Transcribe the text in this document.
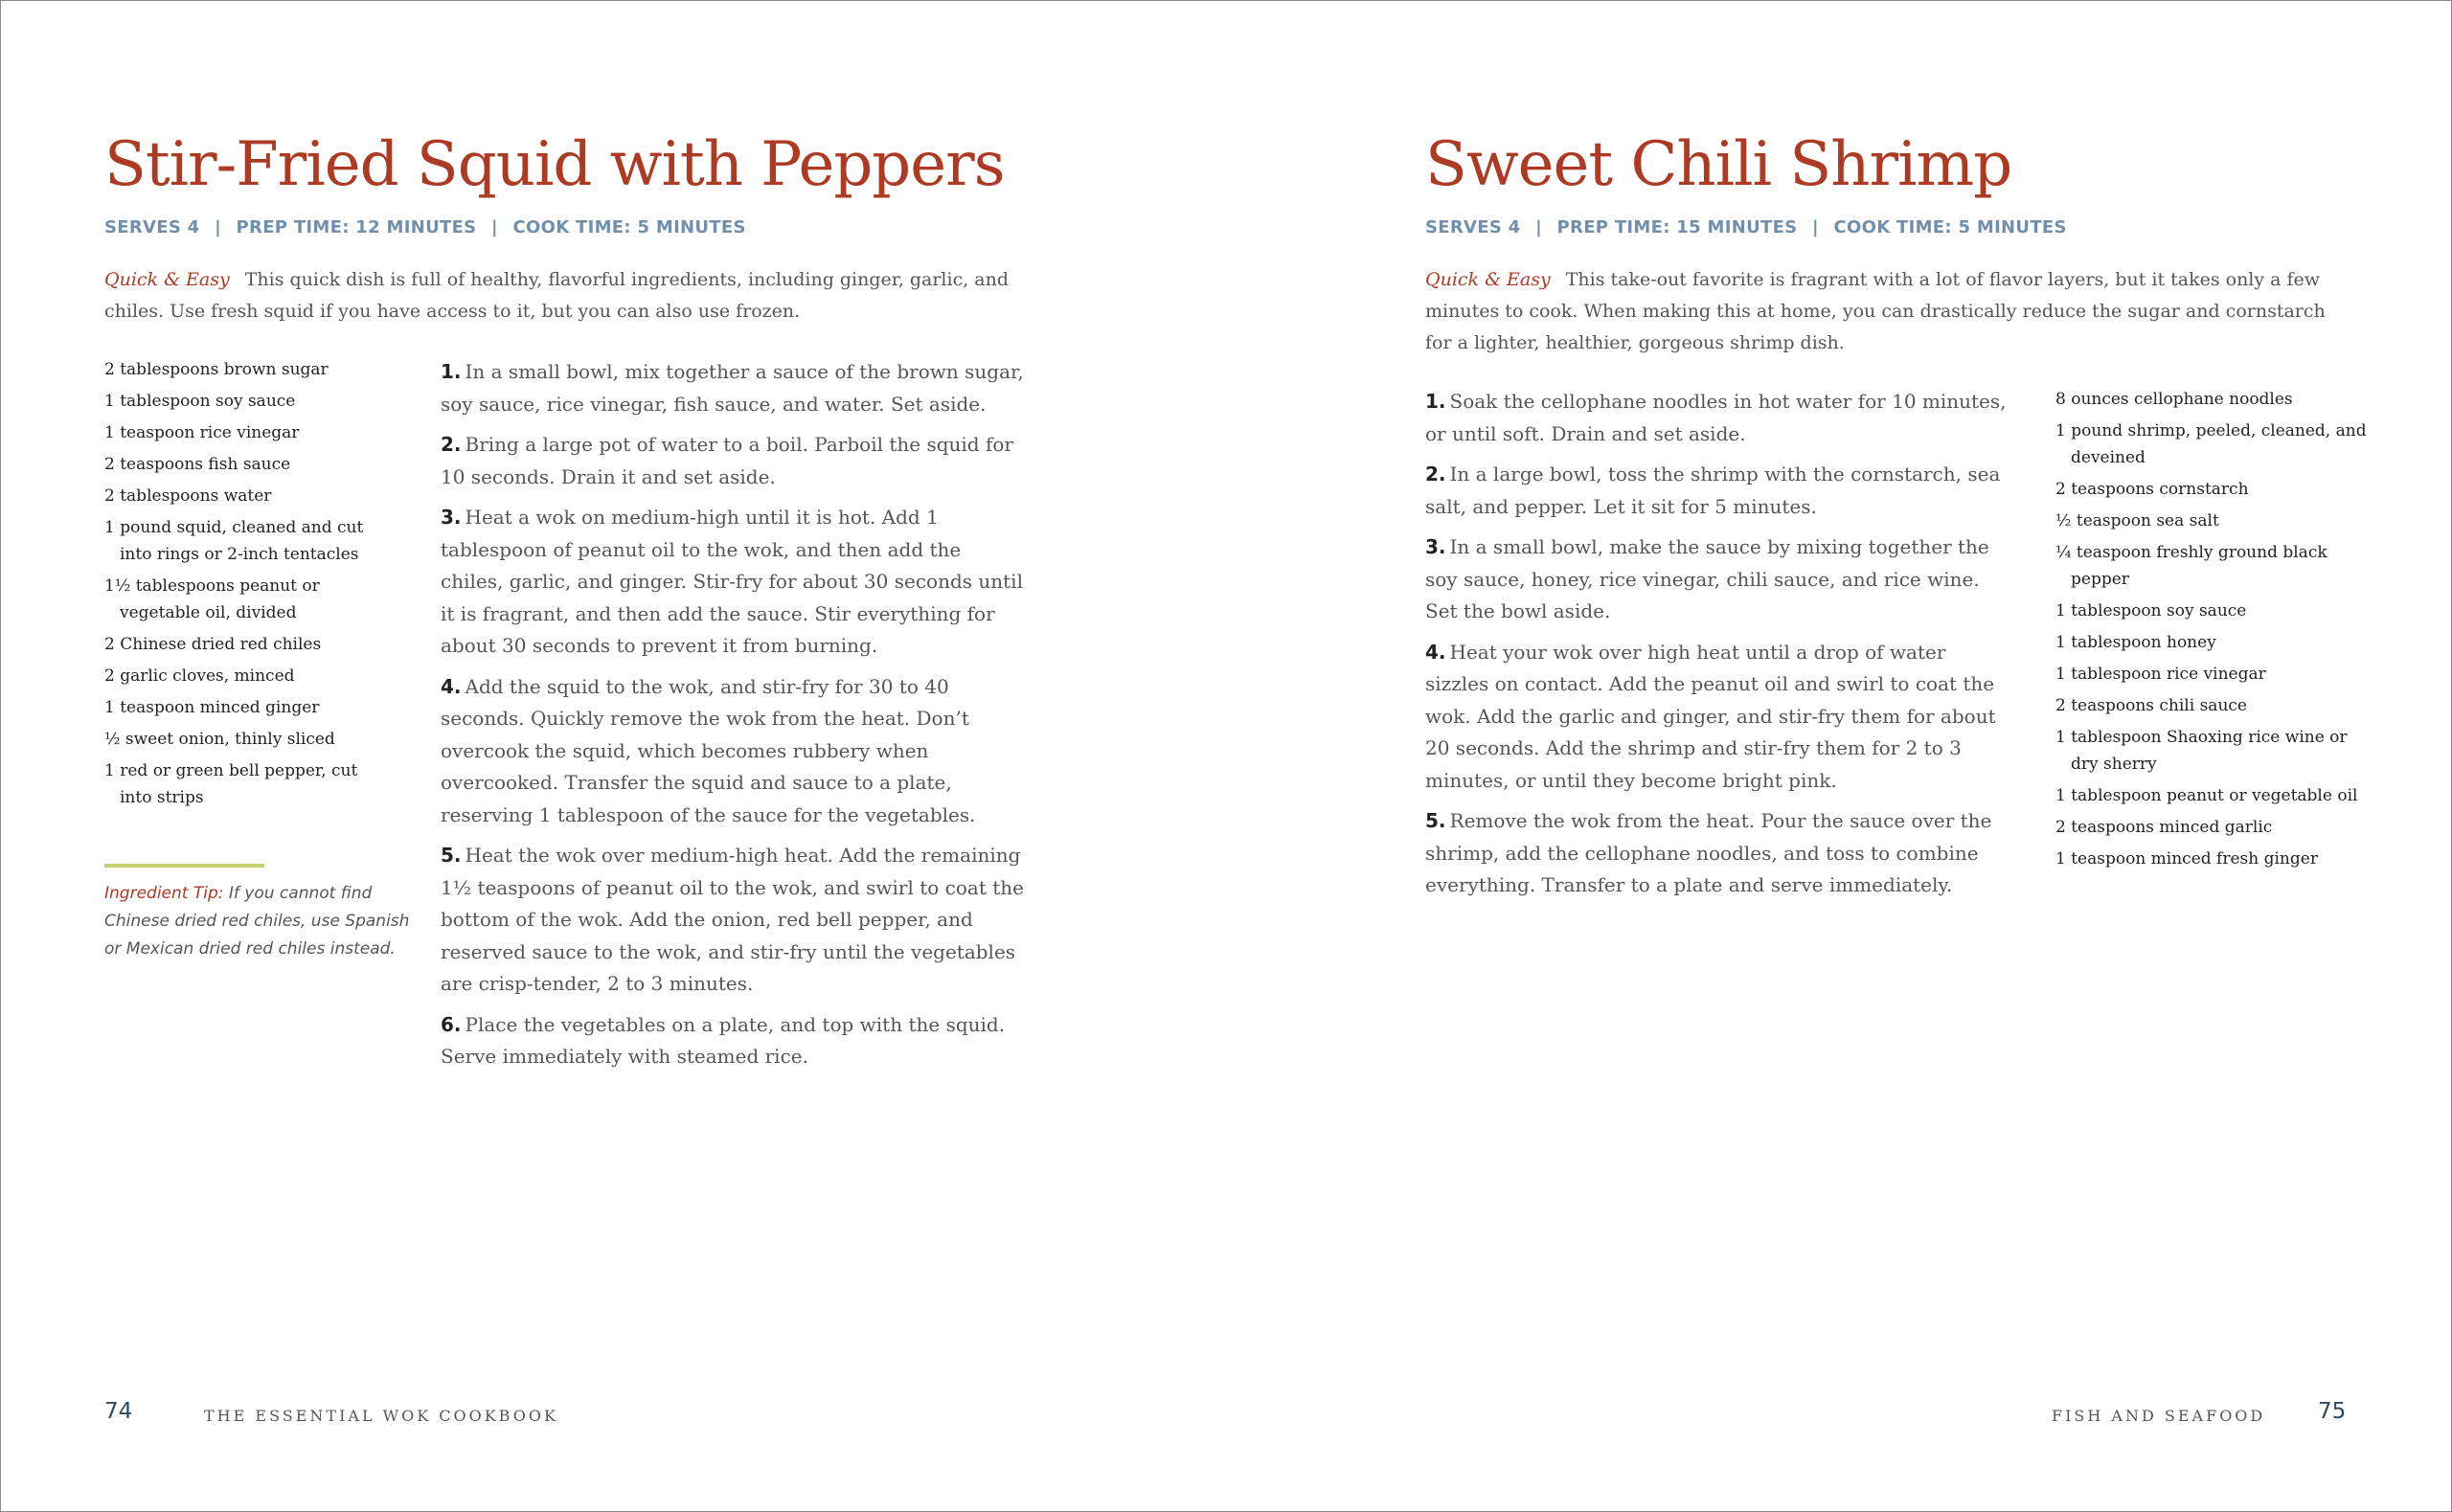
Stir-Fried Squid with Peppers
SERVES 4 | PREP TIME: 12 MINUTES | COOK TIME: 5 MINUTES

Quick & Easy This quick dish is full of healthy, flavorful ingredients, including ginger, garlic, and chiles. Use fresh squid if you have access to it, but you can also use frozen.

2 tablespoons brown sugar
1 tablespoon soy sauce
1 teaspoon rice vinegar
2 teaspoons fish sauce
2 tablespoons water
1 pound squid, cleaned and cut into rings or 2-inch tentacles
1½ tablespoons peanut or vegetable oil, divided
2 Chinese dried red chiles
2 garlic cloves, minced
1 teaspoon minced ginger
½ sweet onion, thinly sliced
1 red or green bell pepper, cut into strips

Ingredient Tip: If you cannot find Chinese dried red chiles, use Spanish or Mexican dried red chiles instead.

1. In a small bowl, mix together a sauce of the brown sugar, soy sauce, rice vinegar, fish sauce, and water. Set aside.
2. Bring a large pot of water to a boil. Parboil the squid for 10 seconds. Drain it and set aside.
3. Heat a wok on medium-high until it is hot. Add 1 tablespoon of peanut oil to the wok, and then add the chiles, garlic, and ginger. Stir-fry for about 30 seconds until it is fragrant, and then add the sauce. Stir everything for about 30 seconds to prevent it from burning.
4. Add the squid to the wok, and stir-fry for 30 to 40 seconds. Quickly remove the wok from the heat. Don’t overcook the squid, which becomes rubbery when overcooked. Transfer the squid and sauce to a plate, reserving 1 tablespoon of the sauce for the vegetables.
5. Heat the wok over medium-high heat. Add the remaining 1½ teaspoons of peanut oil to the wok, and swirl to coat the bottom of the wok. Add the onion, red bell pepper, and reserved sauce to the wok, and stir-fry until the vegetables are crisp-tender, 2 to 3 minutes.
6. Place the vegetables on a plate, and top with the squid. Serve immediately with steamed rice.
74	THE ESSENTIAL WOK COOKBOOK
Sweet Chili Shrimp
SERVES 4 | PREP TIME: 15 MINUTES | COOK TIME: 5 MINUTES

Quick & Easy This take-out favorite is fragrant with a lot of flavor layers, but it takes only a few minutes to cook. When making this at home, you can drastically reduce the sugar and cornstarch for a lighter, healthier, gorgeous shrimp dish.

1. Soak the cellophane noodles in hot water for 10 minutes, or until soft. Drain and set aside.
2. In a large bowl, toss the shrimp with the cornstarch, sea salt, and pepper. Let it sit for 5 minutes.
3. In a small bowl, make the sauce by mixing together the soy sauce, honey, rice vinegar, chili sauce, and rice wine. Set the bowl aside.
4. Heat your wok over high heat until a drop of water sizzles on contact. Add the peanut oil and swirl to coat the wok. Add the garlic and ginger, and stir-fry them for about 20 seconds. Add the shrimp and stir-fry them for 2 to 3 minutes, or until they become bright pink.
5. Remove the wok from the heat. Pour the sauce over the shrimp, add the cellophane noodles, and toss to combine everything. Transfer to a plate and serve immediately.
8 ounces cellophane noodles
1 pound shrimp, peeled, cleaned, and deveined
2 teaspoons cornstarch
½ teaspoon sea salt
¼ teaspoon freshly ground black pepper
1 tablespoon soy sauce
1 tablespoon honey
1 tablespoon rice vinegar
2 teaspoons chili sauce
1 tablespoon Shaoxing rice wine or dry sherry
1 tablespoon peanut or vegetable oil
2 teaspoons minced garlic
1 teaspoon minced fresh ginger
FISH AND SEAFOOD 75
